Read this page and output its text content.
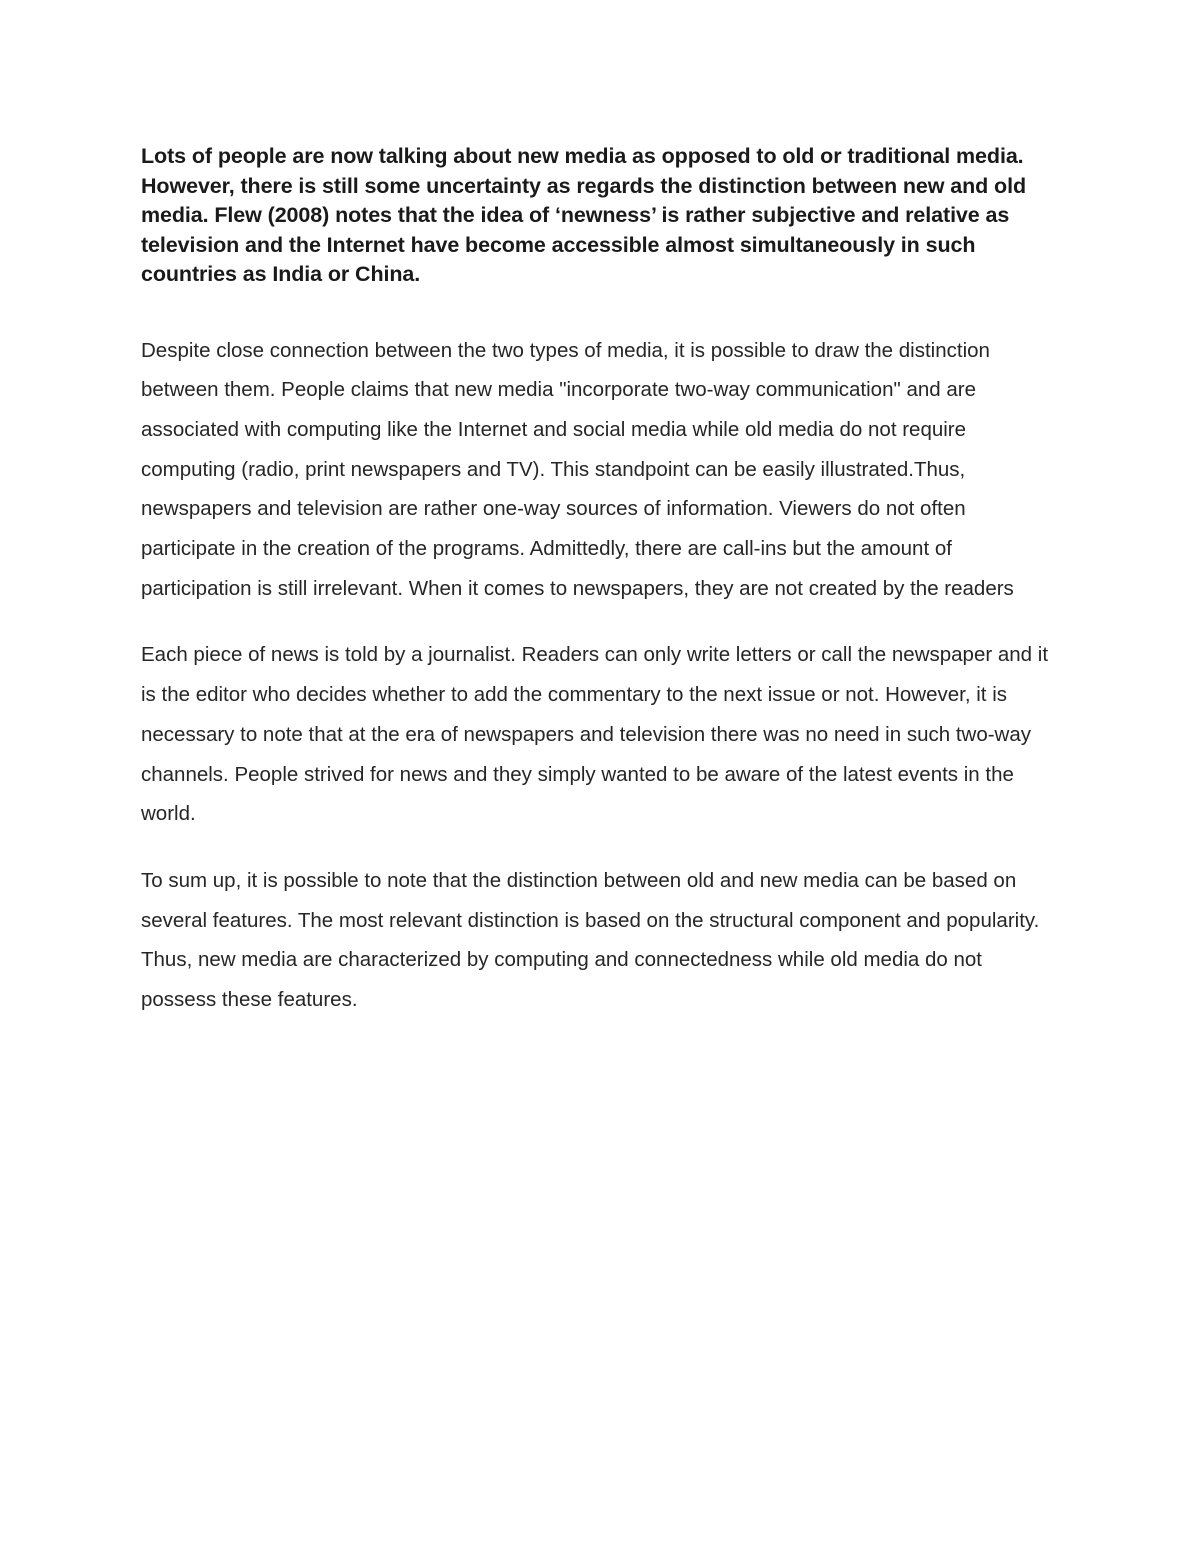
Lots of people are now talking about new media as opposed to old or traditional media. However, there is still some uncertainty as regards the distinction between new and old media. Flew (2008) notes that the idea of ‘newness’ is rather subjective and relative as television and the Internet have become accessible almost simultaneously in such countries as India or China.

Despite close connection between the two types of media, it is possible to draw the distinction between them. People claims that new media "incorporate two-way communication" and are associated with computing like the Internet and social media while old media do not require computing (radio, print newspapers and TV). This standpoint can be easily illustrated.Thus, newspapers and television are rather one-way sources of information. Viewers do not often participate in the creation of the programs. Admittedly, there are call-ins but the amount of participation is still irrelevant. When it comes to newspapers, they are not created by the readers

Each piece of news is told by a journalist. Readers can only write letters or call the newspaper and it is the editor who decides whether to add the commentary to the next issue or not. However, it is necessary to note that at the era of newspapers and television there was no need in such two-way channels. People strived for news and they simply wanted to be aware of the latest events in the world.

To sum up, it is possible to note that the distinction between old and new media can be based on several features. The most relevant distinction is based on the structural component and popularity. Thus, new media are characterized by computing and connectedness while old media do not possess these features.
